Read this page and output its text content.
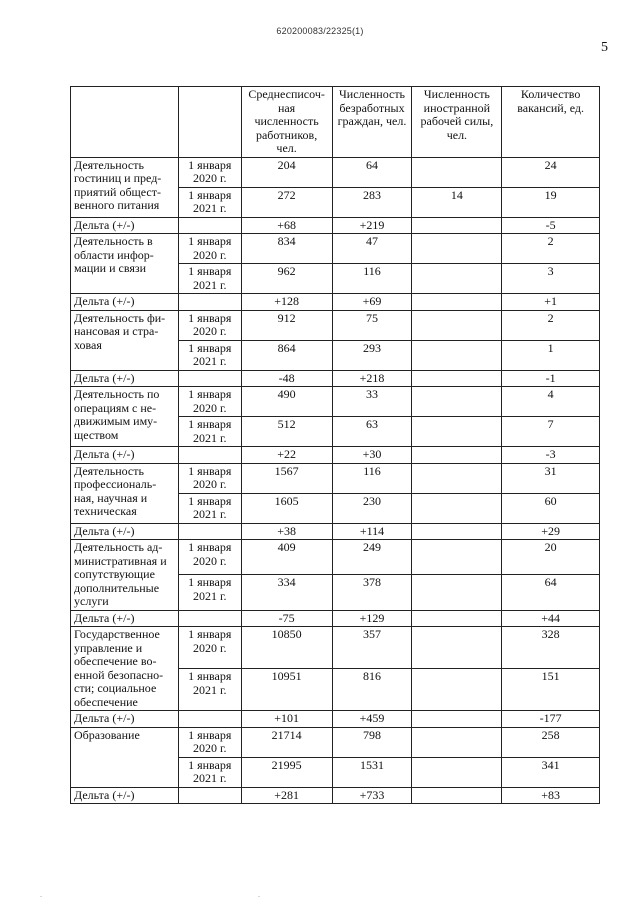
620200083/22325(1)
5
		Среднесписоч-ная численность работников, чел.	Численность безработных граждан, чел.	Численность иностранной рабочей силы, чел.	Количество вакансий, ед.
Деятельность гостиниц и пред-приятий общест-венного питания	1 января 2020 г.	204	64		24
	1 января 2021 г.	272	283	14	19
Дельта (+/-)		+68	+219		-5
Деятельность в области инфор-мации и связи	1 января 2020 г.	834	47		2
	1 января 2021 г.	962	116		3
Дельта (+/-)		+128	+69		+1
Деятельность фи-нансовая и стра-ховая	1 января 2020 г.	912	75		2
	1 января 2021 г.	864	293		1
Дельта (+/-)		-48	+218		-1
Деятельность по операциям с не-движимым иму-ществом	1 января 2020 г.	490	33		4
	1 января 2021 г.	512	63		7
Дельта (+/-)		+22	+30		-3
Деятельность профессиональ-ная, научная и техническая	1 января 2020 г.	1567	116		31
	1 января 2021 г.	1605	230		60
Дельта (+/-)		+38	+114		+29
Деятельность ад-министративная и сопутствующие дополнительные услуги	1 января 2020 г.	409	249		20
	1 января 2021 г.	334	378		64
Дельта (+/-)		-75	+129		+44
Государственное управление и обеспечение во-енной безопасно-сти; социальное обеспечение	1 января 2020 г.	10850	357		328
	1 января 2021 г.	10951	816		151
Дельта (+/-)		+101	+459		-177
Образование	1 января 2020 г.	21714	798		258
	1 января 2021 г.	21995	1531		341
Дельта (+/-)		+281	+733		+83
.	.
